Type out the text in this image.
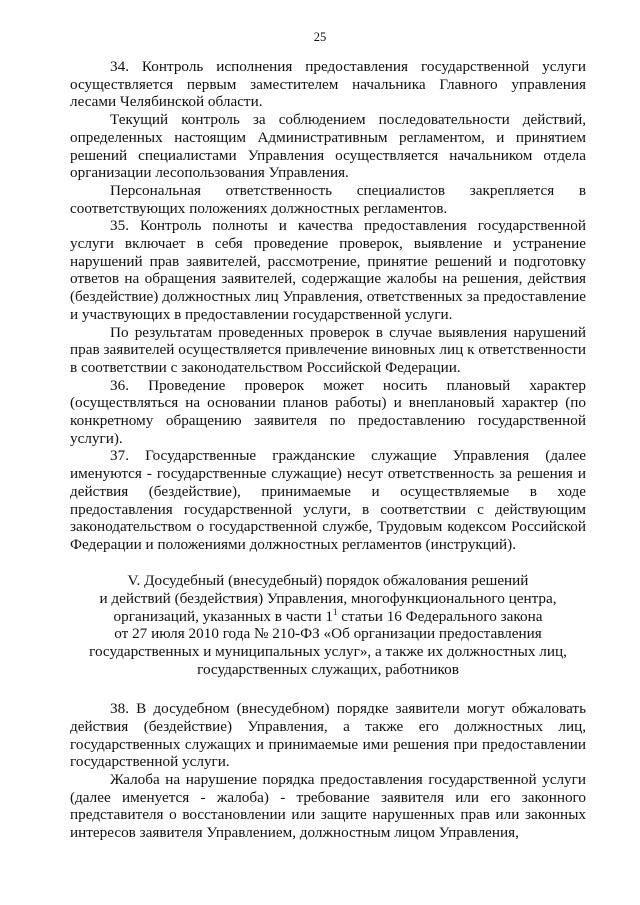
25

34. Контроль исполнения предоставления государственной услуги осуществляется первым заместителем начальника Главного управления лесами Челябинской области.

Текущий контроль за соблюдением последовательности действий, определенных настоящим Административным регламентом, и принятием решений специалистами Управления осуществляется начальником отдела организации лесопользования Управления.

Персональная ответственность специалистов закрепляется в соответствующих положениях должностных регламентов.

35. Контроль полноты и качества предоставления государственной услуги включает в себя проведение проверок, выявление и устранение нарушений прав заявителей, рассмотрение, принятие решений и подготовку ответов на обращения заявителей, содержащие жалобы на решения, действия (бездействие) должностных лиц Управления, ответственных за предоставление и участвующих в предоставлении государственной услуги.

По результатам проведенных проверок в случае выявления нарушений прав заявителей осуществляется привлечение виновных лиц к ответственности в соответствии с законодательством Российской Федерации.

36. Проведение проверок может носить плановый характер (осуществляться на основании планов работы) и внеплановый характер (по конкретному обращению заявителя по предоставлению государственной услуги).

37. Государственные гражданские служащие Управления (далее именуются - государственные служащие) несут ответственность за решения и действия (бездействие), принимаемые и осуществляемые в ходе предоставления государственной услуги, в соответствии с действующим законодательством о государственной службе, Трудовым кодексом Российской Федерации и положениями должностных регламентов (инструкций).

V. Досудебный (внесудебный) порядок обжалования решений
и действий (бездействия) Управления, многофункционального центра,
организаций, указанных в части $1^1$ статьи 16 Федерального закона
от 27 июля 2010 года № 210-ФЗ «Об организации предоставления
государственных и муниципальных услуг», а также их должностных лиц,
государственных служащих, работников

38. В досудебном (внесудебном) порядке заявители могут обжаловать действия (бездействие) Управления, а также его должностных лиц, государственных служащих и принимаемые ими решения при предоставлении государственной услуги.

Жалоба на нарушение порядка предоставления государственной услуги (далее именуется - жалоба) - требование заявителя или его законного представителя о восстановлении или защите нарушенных прав или законных интересов заявителя Управлением, должностным лицом Управления,
